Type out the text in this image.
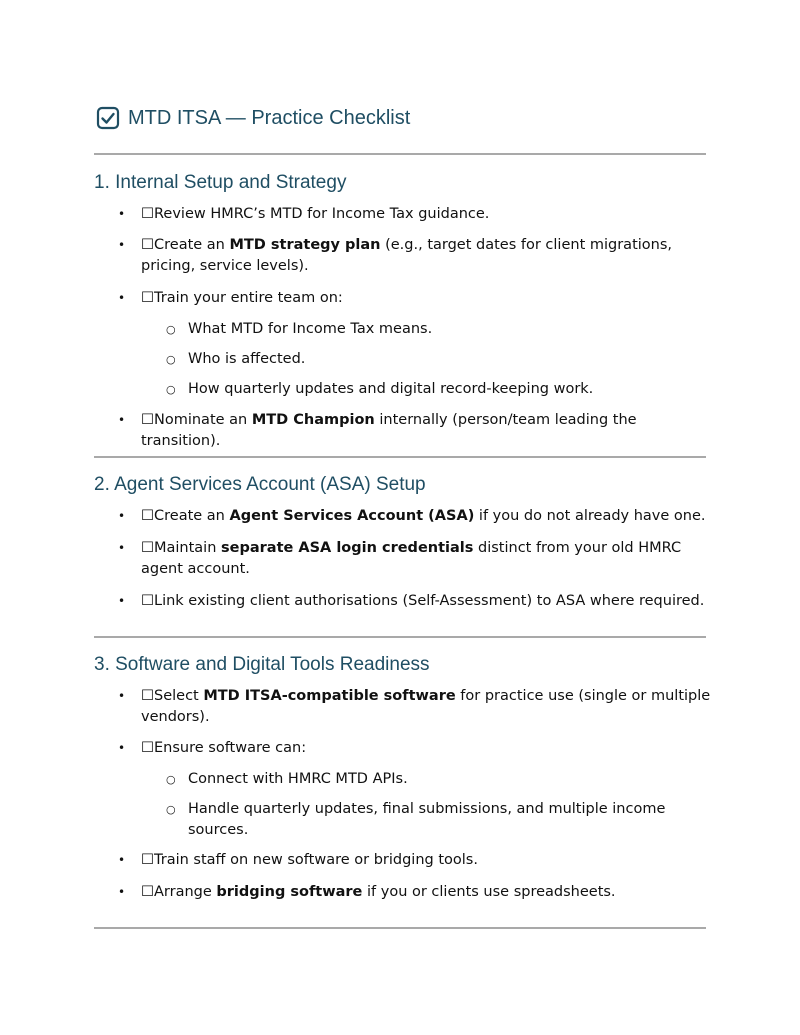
MTD ITSA — Practice Checklist
1. Internal Setup and Strategy
• ☐Review HMRC’s MTD for Income Tax guidance.
• ☐Create an MTD strategy plan (e.g., target dates for client migrations, pricing, service levels).
• ☐Train your entire team on:
○ What MTD for Income Tax means.
○ Who is affected.
○ How quarterly updates and digital record-keeping work.
• ☐Nominate an MTD Champion internally (person/team leading the transition).
2. Agent Services Account (ASA) Setup
• ☐Create an Agent Services Account (ASA) if you do not already have one.
• ☐Maintain separate ASA login credentials distinct from your old HMRC agent account.
• ☐Link existing client authorisations (Self-Assessment) to ASA where required.
3. Software and Digital Tools Readiness
• ☐Select MTD ITSA-compatible software for practice use (single or multiple vendors).
• ☐Ensure software can:
○ Connect with HMRC MTD APIs.
○ Handle quarterly updates, final submissions, and multiple income sources.
• ☐Train staff on new software or bridging tools.
• ☐Arrange bridging software if you or clients use spreadsheets.
